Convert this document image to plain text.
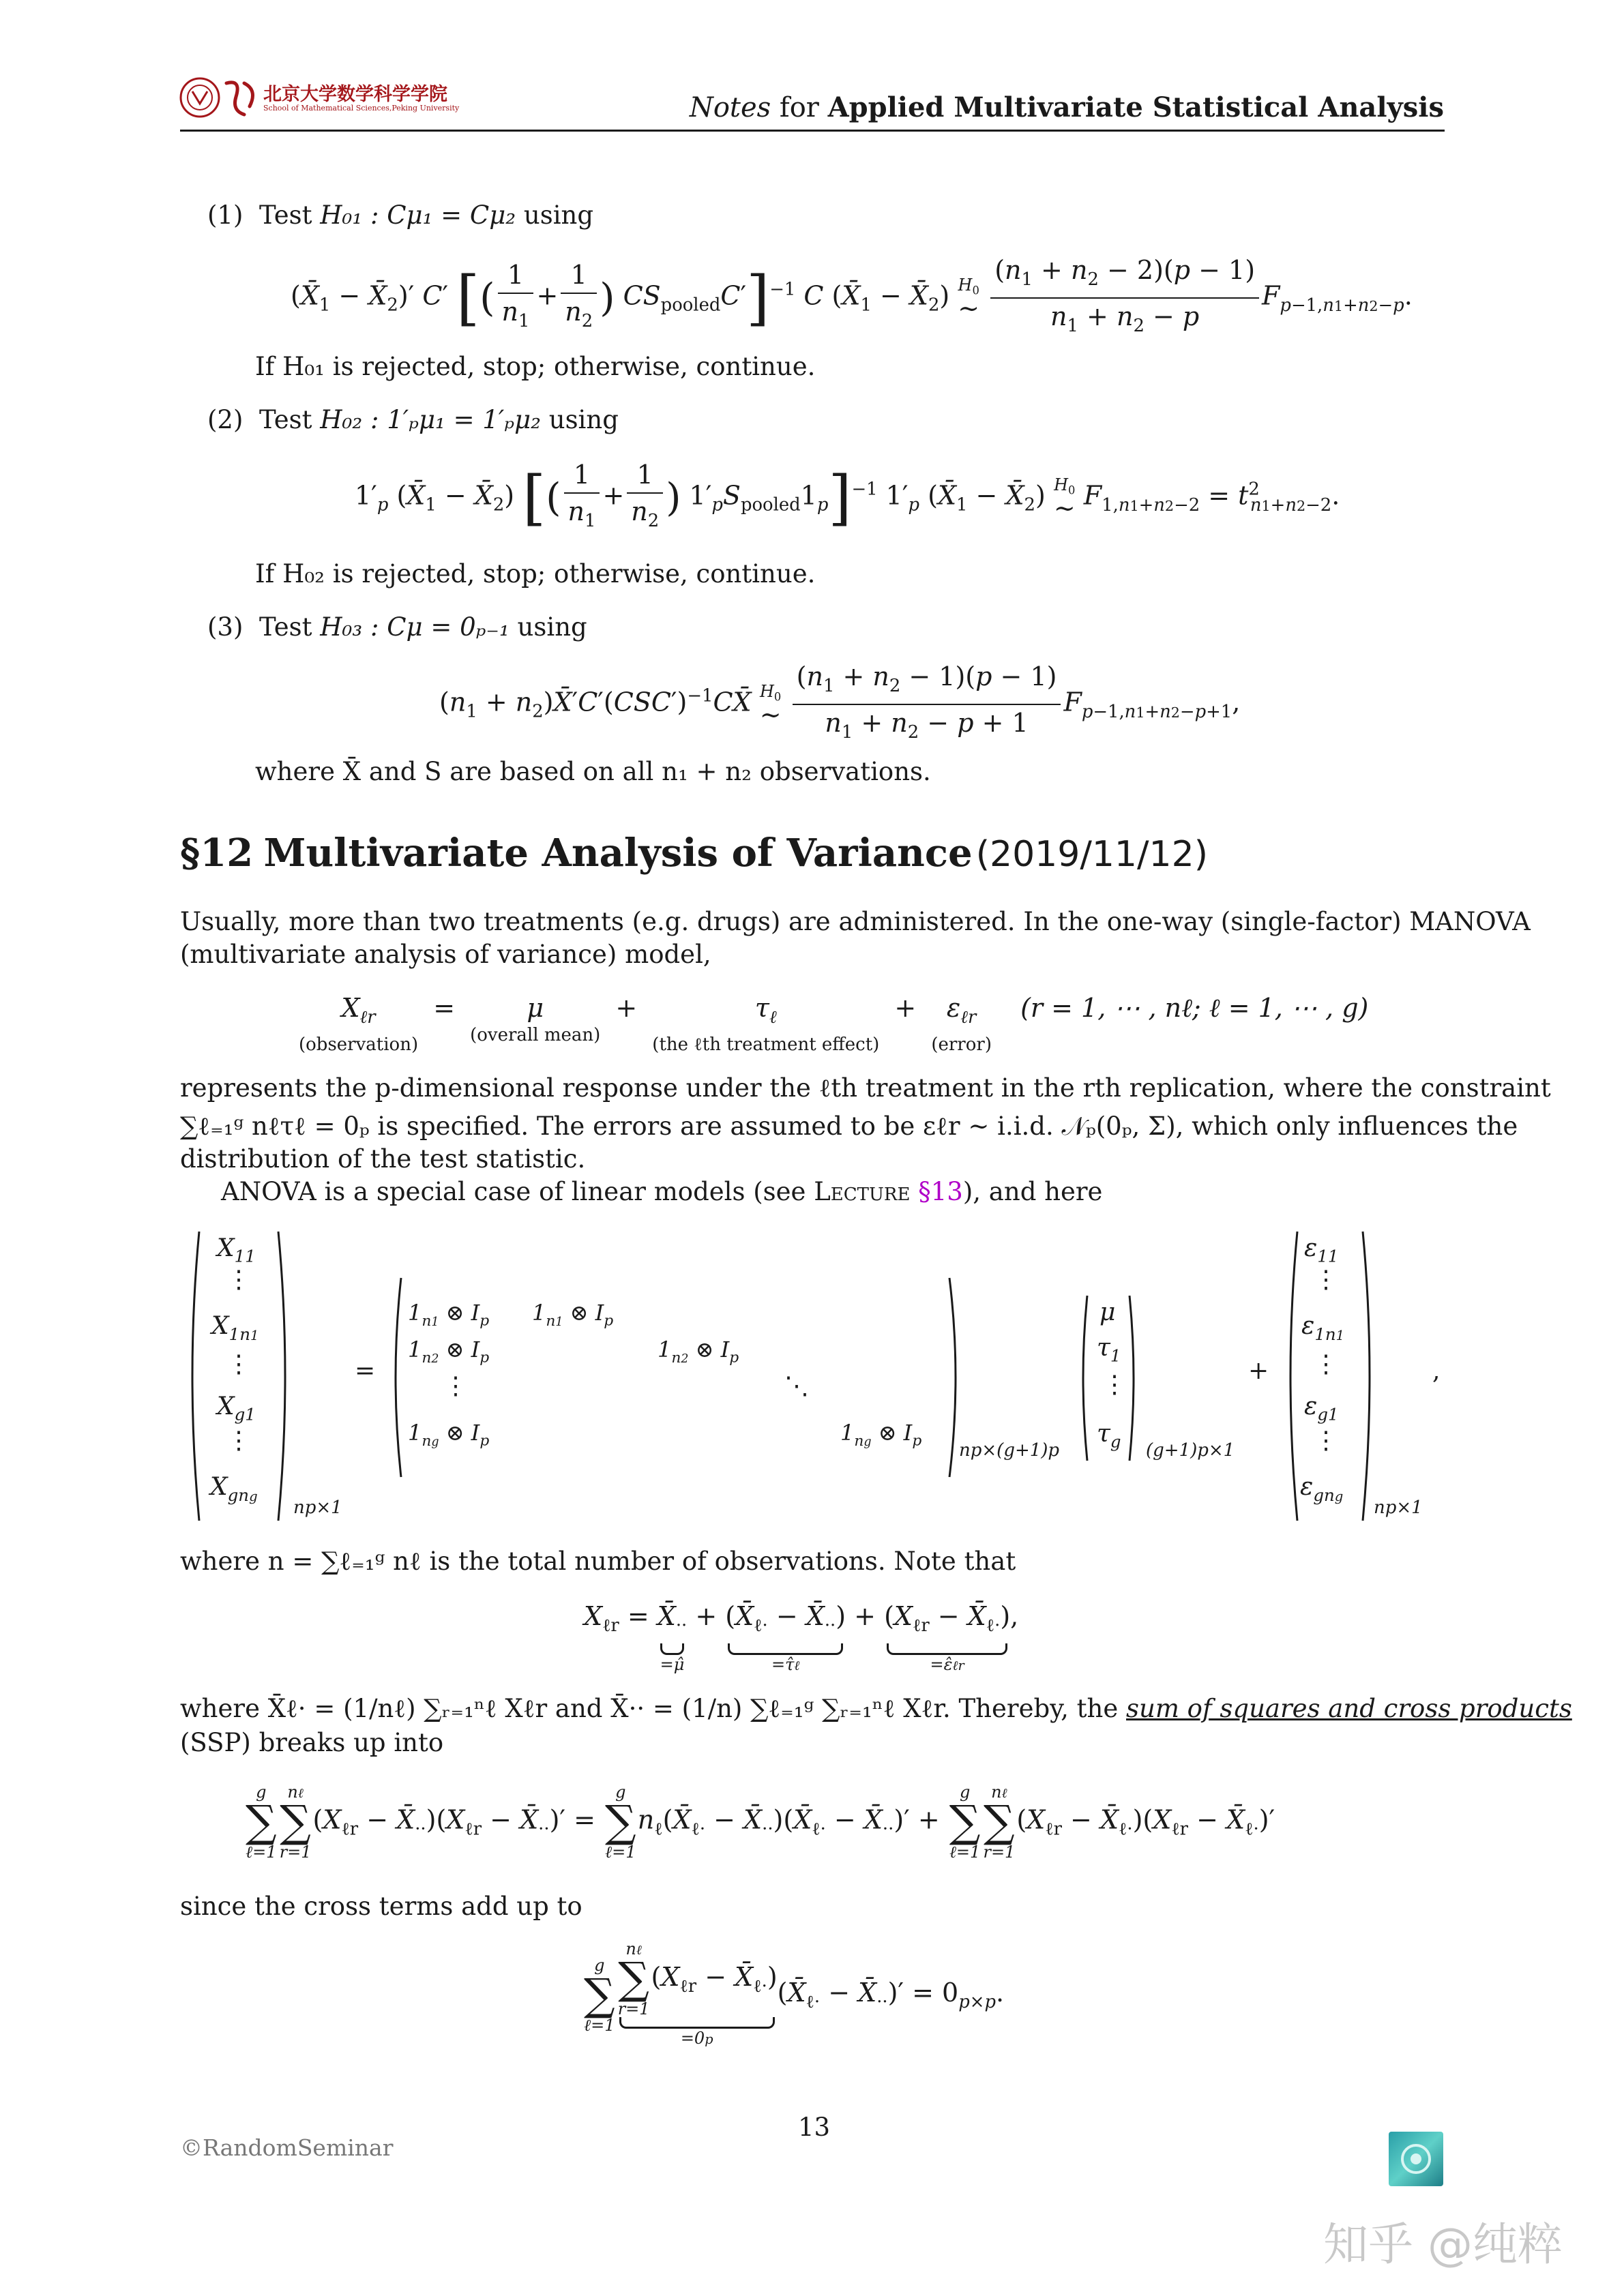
北京大学数学科学学院
School of Mathematical Sciences,Peking University	Notes for Applied Multivariate Statistical Analysis
(1) Test H₀₁ : Cμ₁ = Cμ₂ using
($X̄_1$ − $X̄_2)'$ C′ [( $\frac{1}{n_1} + \frac{1}{n_2}$ ) $CS_{pooled}C']^{-1}$ C ($X̄_1$ − $X̄_2$) $H_0$
∼
$\frac{(n_1 + n_2 - 2)(p - 1)}{n_1 + n_2 - p} F_{p-1,n1+n2-p}$.
If H₀₁ is rejected, stop; otherwise, continue.
(2) Test H₀₂ : 1′ₚμ₁ = 1′ₚμ₂ using
$1'_p$ ($X̄_1$ − $X̄_2$) [( $\frac{1}{n_1} + \frac{1}{n_2}$ ) $1'_pS_{pooled}1_p]^{-1}$ $1'_p$ ($X̄_1$ − $X̄_2$) $H_0$
∼ $F_{1,n1+n2-2} = t^2_{n1+n2-2}$.
If H₀₂ is rejected, stop; otherwise, continue.
(3) Test H₀₃ : Cμ = 0ₚ₋₁ using
($n_1$ + $n_2)X̄'C'(CSC')^{-1}CX̄$ $H_0$
∼
$\frac{(n_1 + n_2 - 1)(p - 1)}{n_1 + n_2 - p + 1} F_{p-1,n1+n2-p+1}$,
where X̄ and S are based on all n₁ + n₂ observations.
§12 Multivariate Analysis of Variance (2019/11/12)
Usually, more than two treatments (e.g. drugs) are administered. In the one-way (single-factor) MANOVA
(multivariate analysis of variance) model,
$X_{\ell r}$
(observation)
=	μ
(overall mean)
+	$\tau_\ell$
(the ℓth treatment effect)
+	$\varepsilon_{\ell r}$
(error)
(r = 1, ⋯ , nℓ; ℓ = 1, ⋯ , g)
represents the p-dimensional response under the ℓth treatment in the rth replication, where the constraint
∑ℓ₌₁ᵍ nℓτℓ = 0ₚ is specified. The errors are assumed to be εℓr ~ i.i.d. 𝒩ₚ(0ₚ, Σ), which only influences the
distribution of the test statistic.
ANOVA is a special case of linear models (see Lecture §13), and here
$X_{11}$
⋮
$X_{1n1}$
⋮
$X_{g1}$
⋮
$X_{gng}$
np×1
=
$1_{n1}$ ⊗ $I_p$ $1_{n1}$ ⊗ $I_p$
$1_{n2}$ ⊗ $I_p$	$1_{n2}$ ⊗ $I_p$
⋮	⋱
$1_{ng}$ ⊗ $I_p$	$1_{ng}$ ⊗ $I_p$ np×(g+1)p
μ
$\tau_1$
⋮
$\tau_g$ (g+1)p×1
+
$\varepsilon_{11}$
⋮
$\varepsilon_{1n1}$
⋮
$\varepsilon_{g1}$
⋮
$\varepsilon_{gng}$
np×1
,
where n = ∑ℓ₌₁ᵍ nℓ is the total number of observations. Note that
$X_{\ell r}$ = $X̄_{\cdot\cdot}$
=μ̂
+ ($X̄_{\ell\cdot}$ − $X̄_{\cdot\cdot}$)
=τ̂ℓ
+ ($X_{\ell r}$ − $X̄_{\ell\cdot}$)
=ε̂ℓr
,
where X̄ℓ· = (1/nℓ) ∑ᵣ₌₁ⁿℓ Xℓr and X̄·· = (1/n) ∑ℓ₌₁ᵍ ∑ᵣ₌₁ⁿℓ Xℓr. Thereby, the sum of squares and cross products
(SSP) breaks up into
g
∑
ℓ=1
nℓ
∑
r=1
($X_{\ell r}$ − $X̄_{\cdot\cdot})(X_{\ell r}$ − $X̄_{\cdot\cdot})'$ =
g
∑
ℓ=1
$n_\ell(X̄_{\ell\cdot}$ − $X̄_{\cdot\cdot})(X̄_{\ell\cdot}$ − $X̄_{\cdot\cdot})'$ +
g
∑
ℓ=1
nℓ
∑
r=1
($X_{\ell r}$ − $X̄_{\ell\cdot})(X_{\ell r}$ − $X̄_{\ell\cdot})'$
since the cross terms add up to
g
∑
ℓ=1
nℓ
∑
r=1
($X_{\ell r}$ − $X̄_{\ell\cdot}$)
=0p
($X̄_{\ell\cdot}$ − $X̄_{\cdot\cdot})' = 0_{p\times p}$.
13
©RandomSeminar
知乎 @纯粹
